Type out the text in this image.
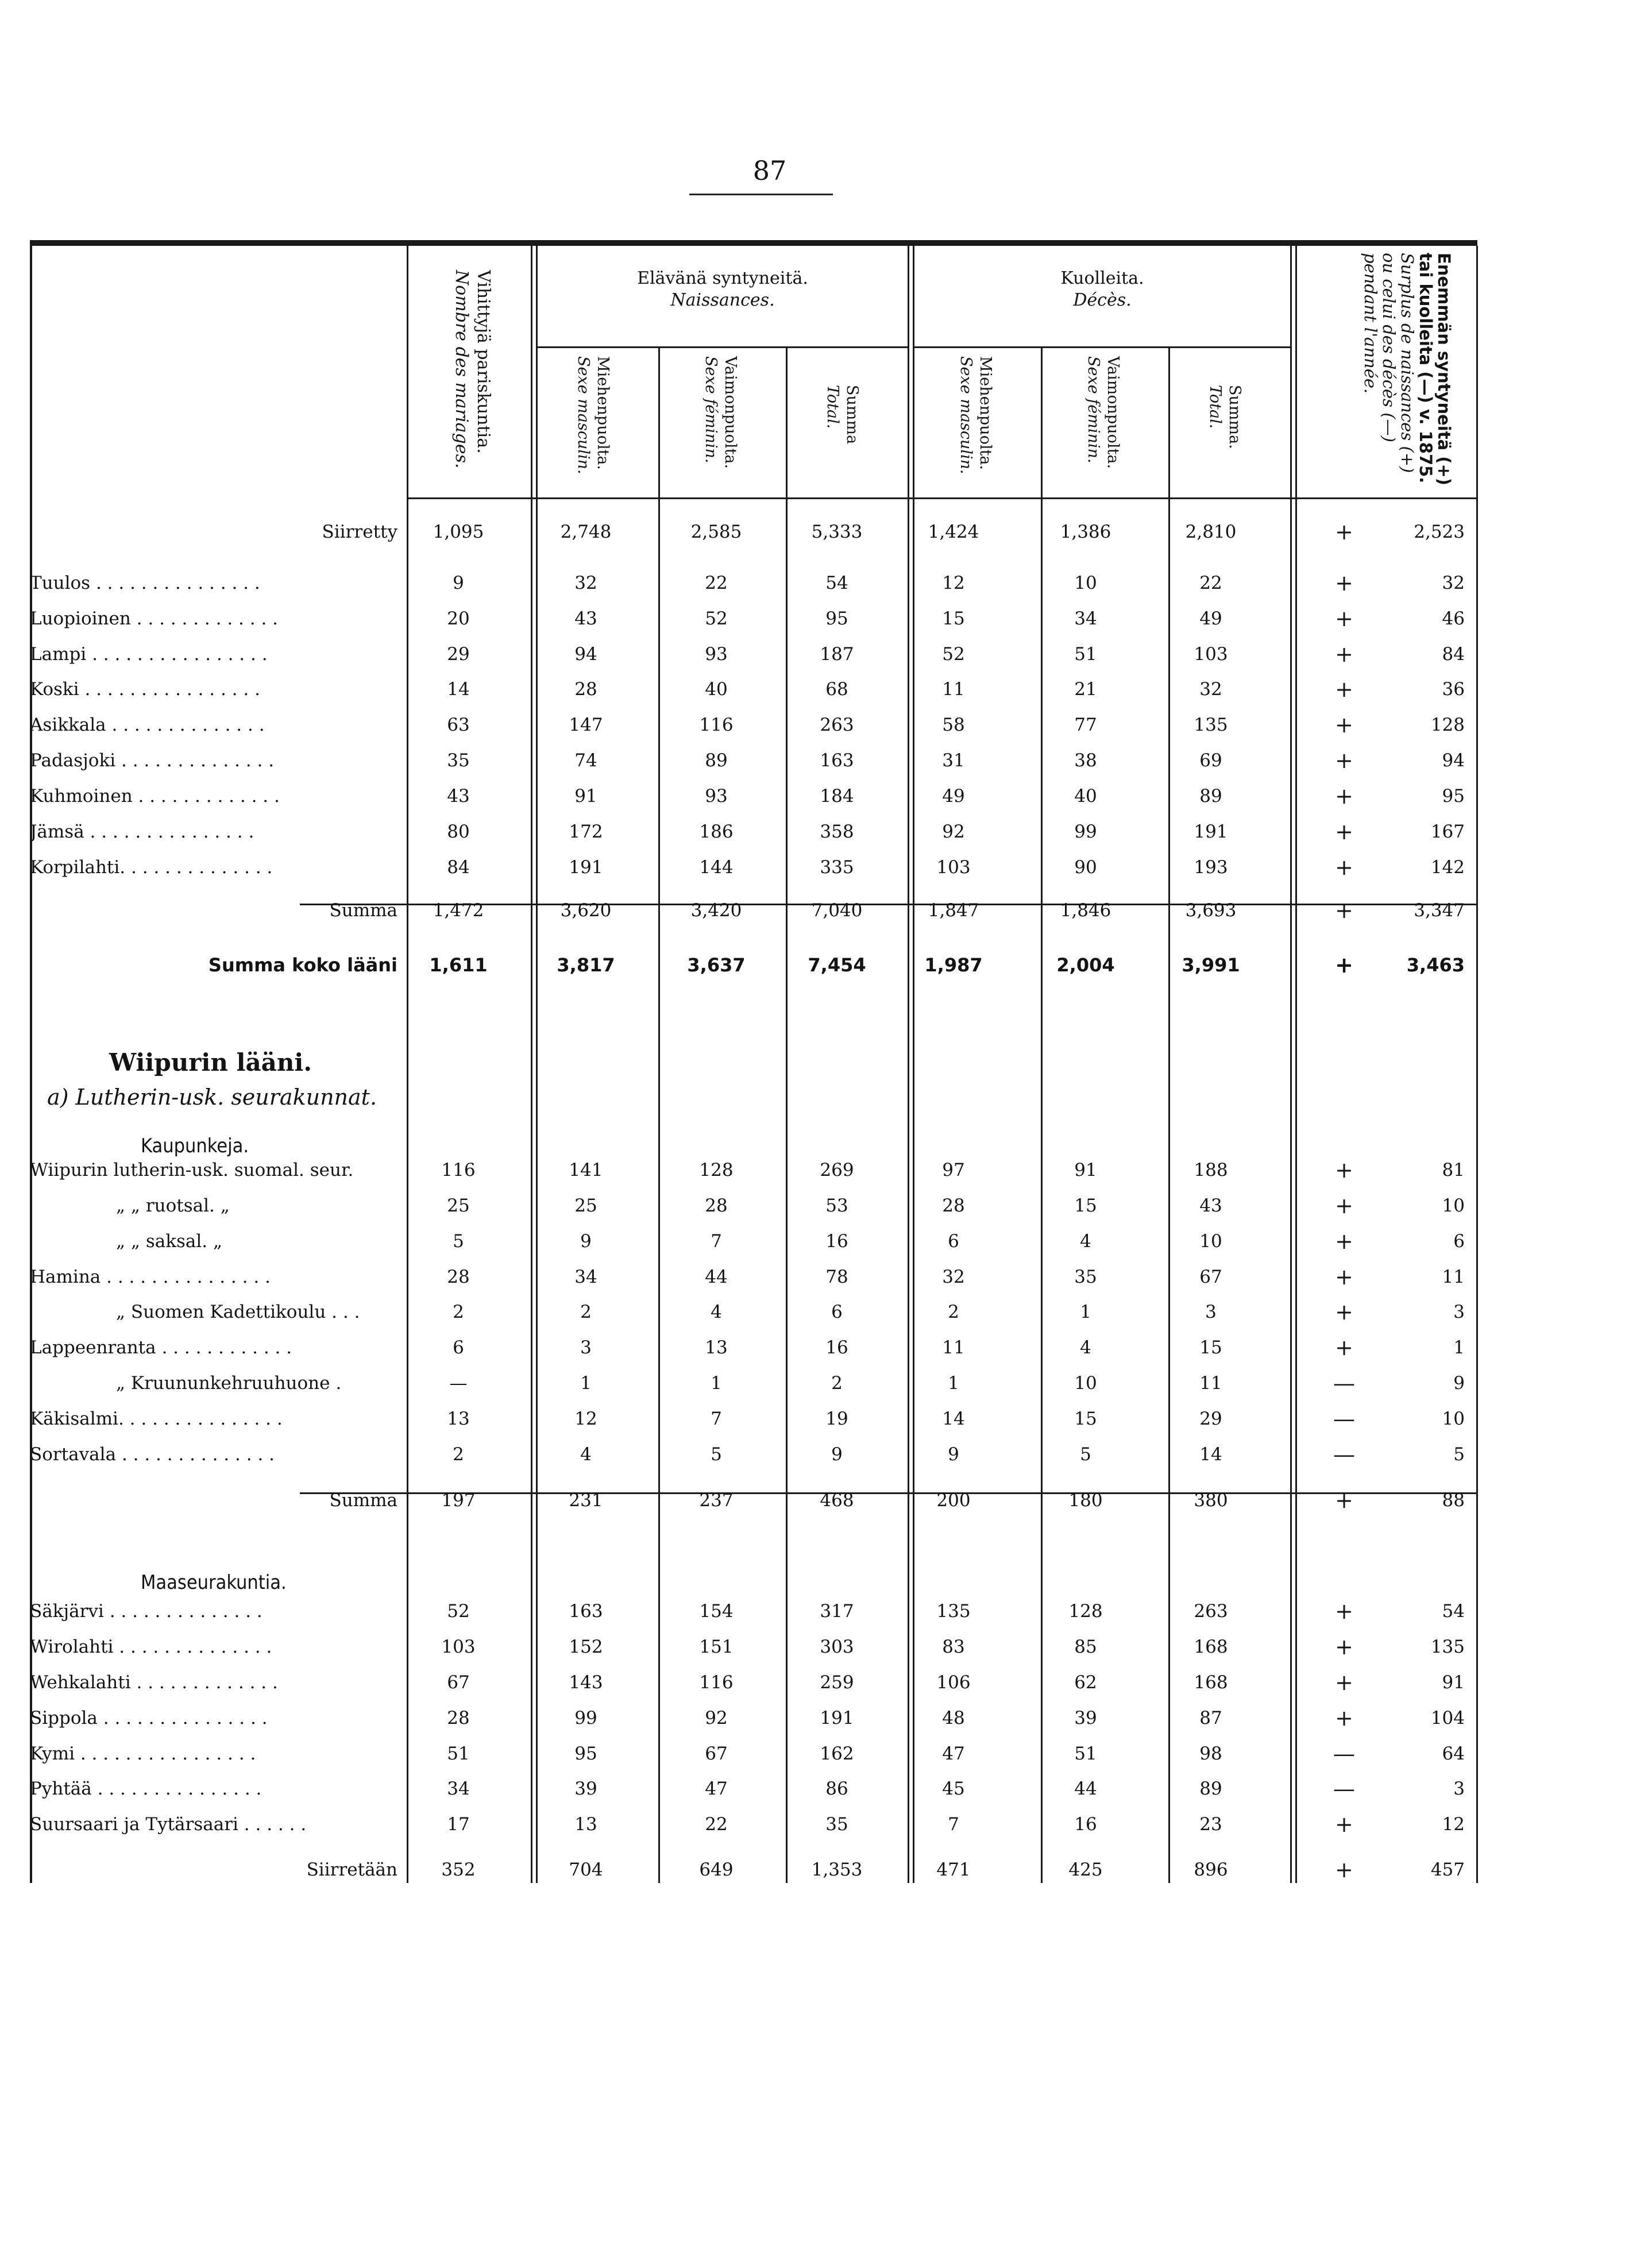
87
Elävänä syntyneitä.
Naissances.
Kuolleita.
Décès.
Vihittyjä pariskuntia.
Nombre des mariages.	Miehenpuolta.
Sexe masculin.	Vaimonpuolta.
Sexe féminin.	Summa
Total.	Miehenpuolta.
Sexe masculin.	Vaimonpuolta.
Sexe féminin.	Summa.
Total.	Enemmän syntyneitä (+)
tai kuolleita (—) v. 1875.
Surplus de naissances (+)
ou celui des décès (—)
pendant l'année.
Wiipurin lääni.
a) Lutherin-usk. seurakunnat.
Kaupunkeja.
Maaseurakuntia.
Siirretty	1,095	2,748	2,585	5,333	1,424	1,386	2,810	+	2,523
Tuulos . . . . . . . . . . . . . . .	9	32	22	54	12	10	22	+	32
Luopioinen . . . . . . . . . . . . .	20	43	52	95	15	34	49	+	46
Lampi . . . . . . . . . . . . . . . .	29	94	93	187	52	51	103	+	84
Koski . . . . . . . . . . . . . . . .	14	28	40	68	11	21	32	+	36
Asikkala . . . . . . . . . . . . . .	63	147	116	263	58	77	135	+	128
Padasjoki . . . . . . . . . . . . . .	35	74	89	163	31	38	69	+	94
Kuhmoinen . . . . . . . . . . . . .	43	91	93	184	49	40	89	+	95
Jämsä . . . . . . . . . . . . . . .	80	172	186	358	92	99	191	+	167
Korpilahti. . . . . . . . . . . . . .	84	191	144	335	103	90	193	+	142
Summa	1,472	3,620	3,420	7,040	1,847	1,846	3,693	+	3,347
Summa koko lääni	1,611	3,817	3,637	7,454	1,987	2,004	3,991	+	3,463
Wiipurin lutherin-usk. suomal. seur.	116	141	128	269	97	91	188	+	81
„ „ ruotsal. „	25	25	28	53	28	15	43	+	10
„ „ saksal. „	5	9	7	16	6	4	10	+	6
Hamina . . . . . . . . . . . . . . .	28	34	44	78	32	35	67	+	11
„ Suomen Kadettikoulu . . .	2	2	4	6	2	1	3	+	3
Lappeenranta . . . . . . . . . . . .	6	3	13	16	11	4	15	+	1
„ Kruununkehruuhuone .	—	1	1	2	1	10	11	—	9
Käkisalmi. . . . . . . . . . . . . . .	13	12	7	19	14	15	29	—	10
Sortavala . . . . . . . . . . . . . .	2	4	5	9	9	5	14	—	5
Summa	197	231	237	468	200	180	380	+	88
Säkjärvi . . . . . . . . . . . . . .	52	163	154	317	135	128	263	+	54
Wirolahti . . . . . . . . . . . . . .	103	152	151	303	83	85	168	+	135
Wehkalahti . . . . . . . . . . . . .	67	143	116	259	106	62	168	+	91
Sippola . . . . . . . . . . . . . . .	28	99	92	191	48	39	87	+	104
Kymi . . . . . . . . . . . . . . . .	51	95	67	162	47	51	98	—	64
Pyhtää . . . . . . . . . . . . . . .	34	39	47	86	45	44	89	—	3
Suursaari ja Tytärsaari . . . . . .	17	13	22	35	7	16	23	+	12
Siirretään	352	704	649	1,353	471	425	896	+	457
